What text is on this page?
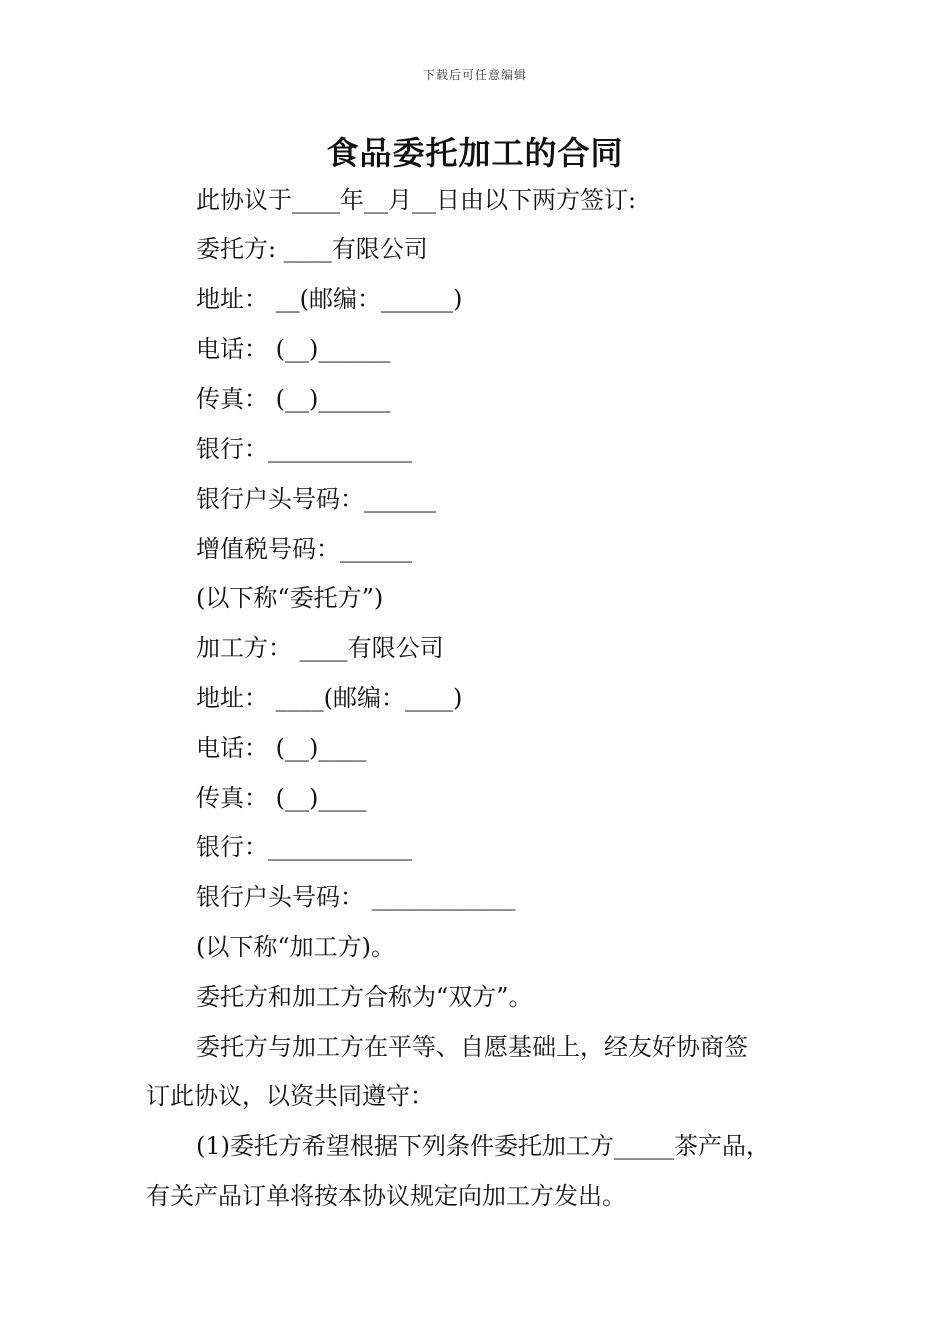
下载后可任意编辑
食品委托加工的合同
此协议于____年__月__日由以下两方签订:
委托方: ____有限公司
地址： __(邮编：______)
电话： (__)______
传真： (__)______
银行：____________
银行户头号码：______
增值税号码：______
(以下称“委托方”)
加工方： ____有限公司
地址： ____(邮编：____)
电话： (__)____
传真： (__)____
银行：____________
银行户头号码： ____________
(以下称“加工方)。
委托方和加工方合称为“双方”。
委托方与加工方在平等、自愿基础上，经友好协商签
订此协议，以资共同遵守：
(1)委托方希望根据下列条件委托加工方_____茶产品，
有关产品订单将按本协议规定向加工方发出。
